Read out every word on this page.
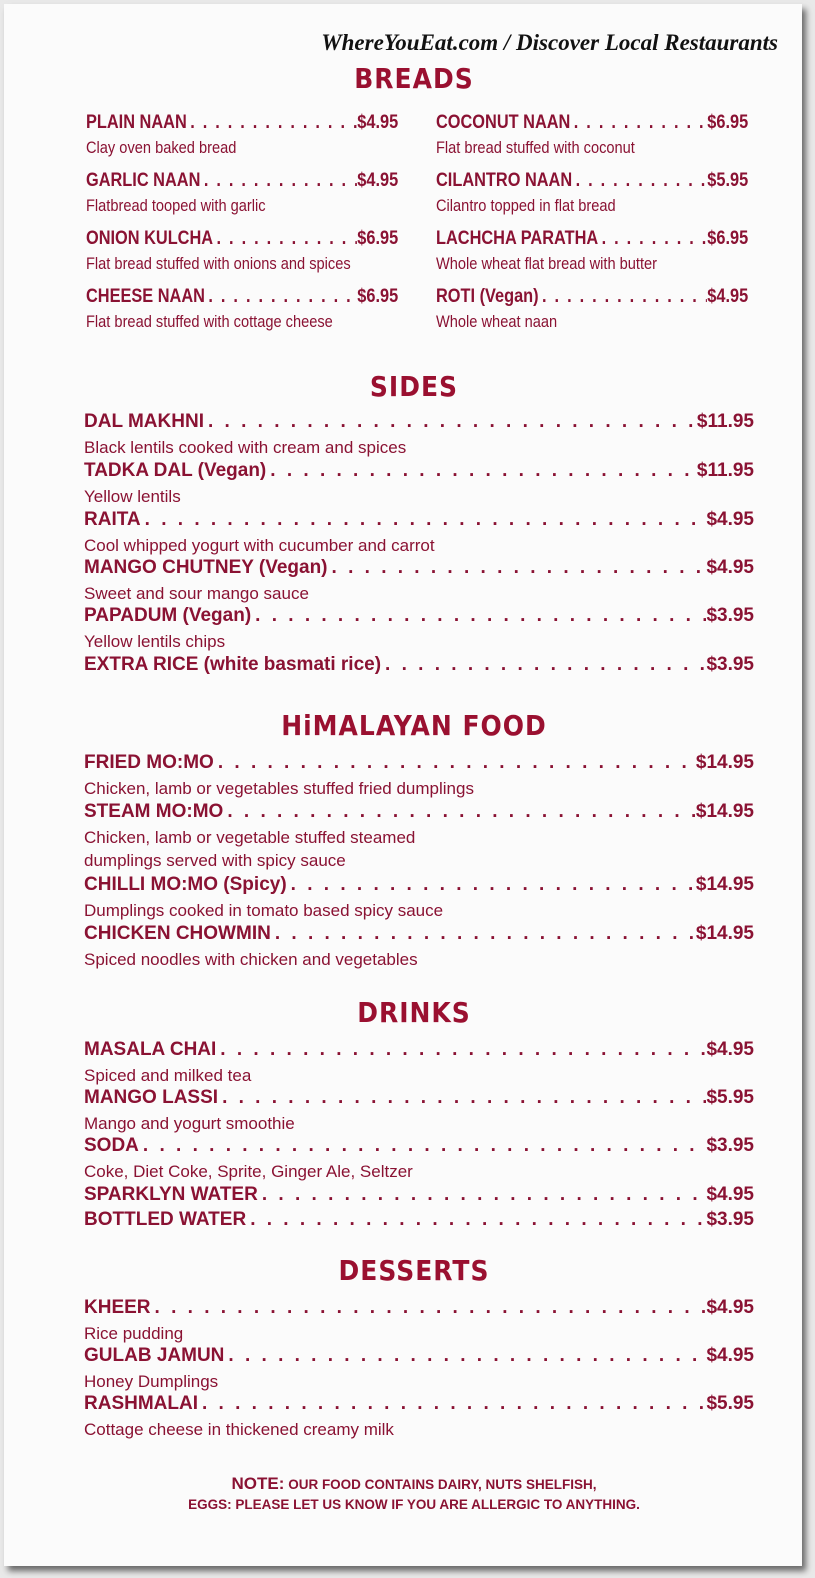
WhereYouEat.com / Discover Local Restaurants
BREADS
PLAIN NAAN . . .	$4.95
Clay oven baked bread
GARLIC NAAN . . .	$4.95
Flatbread tooped with garlic
ONION KULCHA . . .	$6.95
Flat bread stuffed with onions and spices
CHEESE NAAN . . .	$6.95
Flat bread stuffed with cottage cheese
COCONUT NAAN . . .	$6.95
Flat bread stuffed with coconut
CILANTRO NAAN . . .	$5.95
Cilantro topped in flat bread
LACHCHA PARATHA . . .	$6.95
Whole wheat flat bread with butter
ROTI (Vegan) . . .	$4.95
Whole wheat naan
SIDES
DAL MAKHNI . . .	$11.95
Black lentils cooked with cream and spices
TADKA DAL (Vegan) . . .	$11.95
Yellow lentils
RAITA . . .	$4.95
Cool whipped yogurt with cucumber and carrot
MANGO CHUTNEY (Vegan) . . .	$4.95
Sweet and sour mango sauce
PAPADUM (Vegan) . . .	$3.95
Yellow lentils chips
EXTRA RICE (white basmati rice) . . .	$3.95
HiMALAYAN FOOD
FRIED MO:MO . . .	$14.95
Chicken, lamb or vegetables stuffed fried dumplings
STEAM MO:MO . . .	$14.95
Chicken, lamb or vegetable stuffed steamed
dumplings served with spicy sauce
CHILLI MO:MO (Spicy) . . .	$14.95
Dumplings cooked in tomato based spicy sauce
CHICKEN CHOWMIN . . .	$14.95
Spiced noodles with chicken and vegetables
DRINKS
MASALA CHAI . . .	$4.95
Spiced and milked tea
MANGO LASSI . . .	$5.95
Mango and yogurt smoothie
SODA . . .	$3.95
Coke, Diet Coke, Sprite, Ginger Ale, Seltzer
SPARKLYN WATER . . .	$4.95
BOTTLED WATER . . .	$3.95
DESSERTS
KHEER . . .	$4.95
Rice pudding
GULAB JAMUN . . .	$4.95
Honey Dumplings
RASHMALAI . . .	$5.95
Cottage cheese in thickened creamy milk
NOTE: OUR FOOD CONTAINS DAIRY, NUTS SHELFISH,
EGGS: PLEASE LET US KNOW IF YOU ARE ALLERGIC TO ANYTHING.
